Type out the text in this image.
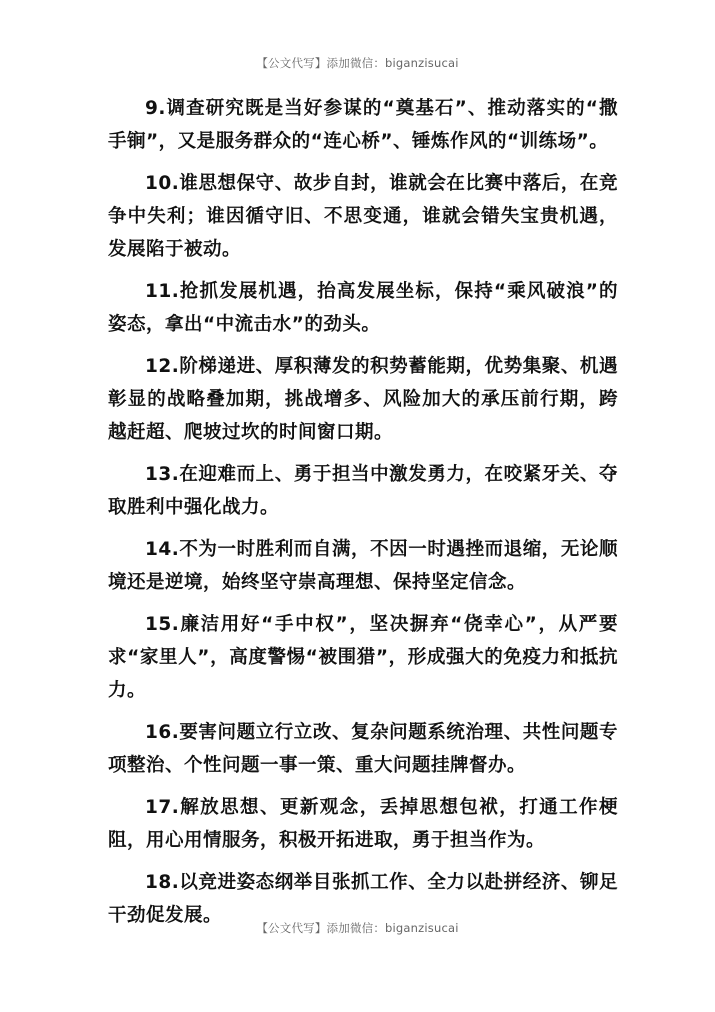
【公文代写】添加微信：biganzisucai

9.调查研究既是当好参谋的“奠基石”、推动落实的“撒手锏”，又是服务群众的“连心桥”、锤炼作风的“训练场”。

10.谁思想保守、故步自封，谁就会在比赛中落后，在竞争中失利；谁因循守旧、不思变通，谁就会错失宝贵机遇，发展陷于被动。

11.抢抓发展机遇，抬高发展坐标，保持“乘风破浪”的姿态，拿出“中流击水”的劲头。

12.阶梯递进、厚积薄发的积势蓄能期，优势集聚、机遇彰显的战略叠加期，挑战增多、风险加大的承压前行期，跨越赶超、爬坡过坎的时间窗口期。

13.在迎难而上、勇于担当中激发勇力，在咬紧牙关、夺取胜利中强化战力。

14.不为一时胜利而自满，不因一时遇挫而退缩，无论顺境还是逆境，始终坚守崇高理想、保持坚定信念。

15.廉洁用好“手中权”，坚决摒弃“侥幸心”，从严要求“家里人”，高度警惕“被围猎”，形成强大的免疫力和抵抗力。

16.要害问题立行立改、复杂问题系统治理、共性问题专项整治、个性问题一事一策、重大问题挂牌督办。

17.解放思想、更新观念，丢掉思想包袱，打通工作梗阻，用心用情服务，积极开拓进取，勇于担当作为。

18.以竞进姿态纲举目张抓工作、全力以赴拼经济、铆足干劲促发展。

【公文代写】添加微信：biganzisucai
